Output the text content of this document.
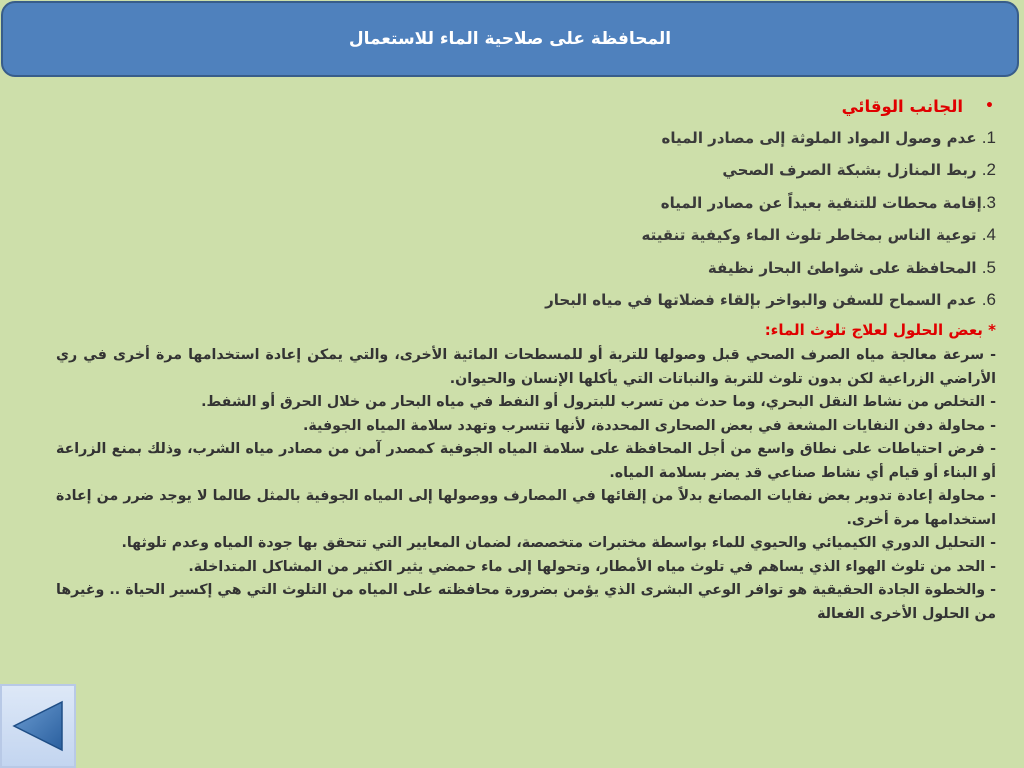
المحافظة على صلاحية الماء للاستعمال
•
الجانب الوقائي
1. عدم وصول المواد الملوثة إلى مصادر المياه
2. ربط المنازل بشبكة الصرف الصحي
3.إقامة محطات للتنقية بعيداً عن مصادر المياه
4. توعية الناس بمخاطر تلوث الماء وكيفية تنقيته
5. المحافظة على شواطئ البحار نظيفة
6. عدم السماح للسفن والبواخر بإلقاء فضلاتها في مياه البحار
* بعض الحلول لعلاج تلوث الماء:
- سرعة معالجة مياه الصرف الصحي قبل وصولها للتربة أو للمسطحات المائية الأخرى، والتي يمكن إعادة استخدامها مرة أخرى في ري الأراضي الزراعية لكن بدون تلوث للتربة والنباتات التي يأكلها الإنسان والحيوان.
- التخلص من نشاط النقل البحري، وما حدث من تسرب للبترول أو النفط في مياه البحار من خلال الحرق أو الشفط.
- محاولة دفن النفايات المشعة في بعض الصحارى المحددة، لأنها تتسرب وتهدد سلامة المياه الجوفية.
- فرض احتياطات على نطاق واسع من أجل المحافظة على سلامة المياه الجوفية كمصدر آمن من مصادر مياه الشرب، وذلك بمنع الزراعة أو البناء أو قيام أي نشاط صناعي قد يضر بسلامة المياه.
- محاولة إعادة تدوير بعض نفايات المصانع بدلاً من إلقائها في المصارف ووصولها إلى المياه الجوفية بالمثل طالما لا يوجد ضرر من إعادة استخدامها مرة أخرى.
- التحليل الدوري الكيميائي والحيوي للماء بواسطة مختبرات متخصصة، لضمان المعايير التي تتحقق بها جودة المياه وعدم تلوثها.
- الحد من تلوث الهواء الذي يساهم في تلوث مياه الأمطار، وتحولها إلى ماء حمضي يثير الكثير من المشاكل المتداخلة.
- والخطوة الجادة الحقيقية هو توافر الوعي البشرى الذي يؤمن بضرورة محافظته على المياه من التلوث التي هي إكسير الحياة .. وغيرها من الحلول الأخرى الفعالة
